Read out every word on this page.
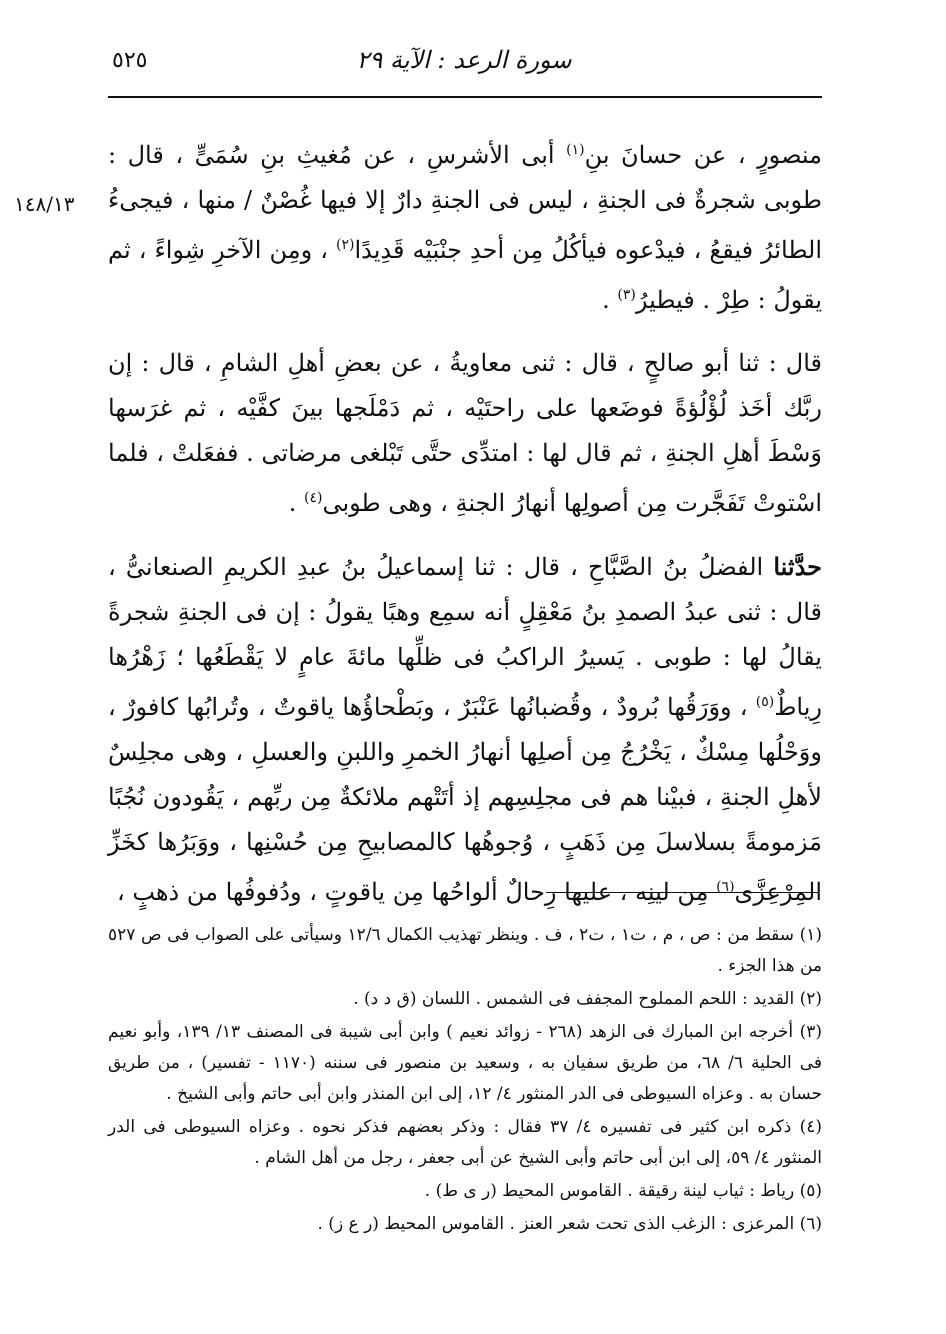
٥٢٥	سورة الرعد : الآية ٢٩
١٤٨/١٣

منصورٍ ، عن حسانَ بنِ$^{(١)}$ أبى الأشرسِ ، عن مُغيثِ بنِ سُمَىٍّ ، قال : طوبى شجرةٌ فى الجنةِ ، ليس فى الجنةِ دارٌ إلا فيها غُصْنٌ / منها ، فيجىءُ الطائرُ فيقعُ ، فيدْعوه فيأكُلُ مِن أحدِ جنْبَيْه قَدِيدًا$^{(٢)}$ ، ومِن الآخرِ شِواءً ، ثم يقولُ : طِرْ . فيطيرُ$^{(٣)}$ .

قال : ثنا أبو صالحٍ ، قال : ثنى معاويةُ ، عن بعضِ أهلِ الشامِ ، قال : إن ربَّك أخَذ لُؤْلُؤةً فوضَعها على راحتَيْه ، ثم دَمْلَجها بينَ كفَّيْه ، ثم غرَسها وَسْطَ أهلِ الجنةِ ، ثم قال لها : امتدِّى حتَّى تَبْلغى مرضاتى . ففعَلتْ ، فلما اسْتوتْ تَفَجَّرت مِن أصولِها أنهارُ الجنةِ ، وهى طوبى$^{(٤)}$ .

حدَّثنا الفضلُ بنُ الصَّبَّاحِ ، قال : ثنا إسماعيلُ بنُ عبدِ الكريمِ الصنعانىُّ ، قال : ثنى عبدُ الصمدِ بنُ مَعْقِلٍ أنه سمِع وهبًا يقولُ : إن فى الجنةِ شجرةً يقالُ لها : طوبى . يَسيرُ الراكبُ فى ظلِّها مائةَ عامٍ لا يَقْطَعُها ؛ زَهْرُها رِياطٌ$^{(٥)}$ ، ووَرَقُها بُرودٌ ، وقُضبانُها عَنْبَرٌ ، وبَطْحاؤُها ياقوتٌ ، وتُرابُها كافورٌ ، ووَحْلُها مِسْكٌ ، يَخْرُجُ مِن أصلِها أنهارُ الخمرِ واللبنِ والعسلِ ، وهى مجلِسٌ لأهلِ الجنةِ ، فبيْنا هم فى مجلِسِهم إذ أتَتْهم ملائكةٌ مِن ربِّهم ، يَقُودون نُجُبًا مَزمومةً بسلاسلَ مِن ذَهَبٍ ، وُجوهُها كالمصابيحِ مِن حُسْنِها ، ووَبَرُها كخَزِّ المِرْعِزَّى$^{(٦)}$ مِن لينِه ، عليها رِحالٌ ألواحُها مِن ياقوتٍ ، ودُفوفُها من ذهبٍ ،

(١) سقط من : ص ، م ، ت١ ، ت٢ ، ف . وينظر تهذيب الكمال ١٢/٦ وسيأتى على الصواب فى ص ٥٢٧ من هذا الجزء .

(٢) القديد : اللحم المملوح المجفف فى الشمس . اللسان (ق د د) .

(٣) أخرجه ابن المبارك فى الزهد (٢٦٨ - زوائد نعيم ) وابن أبى شيبة فى المصنف ١٣/ ١٣٩، وأبو نعيم فى الحلية ٦/ ٦٨، من طريق سفيان به ، وسعيد بن منصور فى سننه (١١٧٠ - تفسير) ، من طريق حسان به . وعزاه السيوطى فى الدر المنثور ٤/ ١٢، إلى ابن المنذر وابن أبى حاتم وأبى الشيخ .

(٤) ذكره ابن كثير فى تفسيره ٤/ ٣٧ فقال : وذكر بعضهم فذكر نحوه . وعزاه السيوطى فى الدر المنثور ٤/ ٥٩، إلى ابن أبى حاتم وأبى الشيخ عن أبى جعفر ، رجل من أهل الشام .

(٥) رياط : ثياب لينة رقيقة . القاموس المحيط (ر ى ط) .

(٦) المرعزى : الزغب الذى تحت شعر العنز . القاموس المحيط (ر ع ز) .
